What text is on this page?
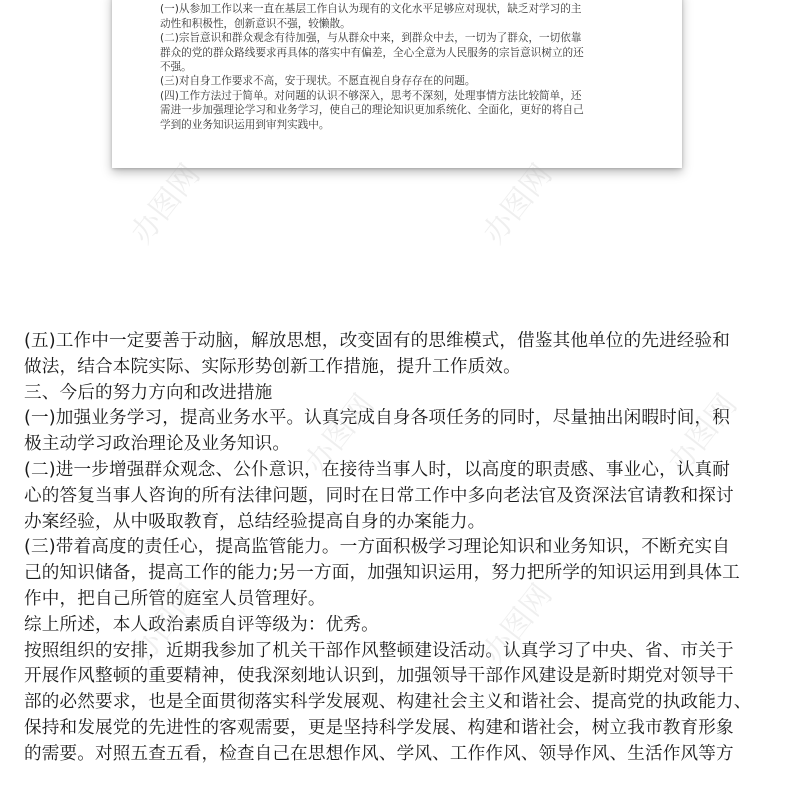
(一)从参加工作以来一直在基层工作自认为现有的文化水平足够应对现状，缺乏对学习的主
动性和积极性，创新意识不强，较懒散。
(二)宗旨意识和群众观念有待加强，与从群众中来，到群众中去，一切为了群众，一切依靠
群众的党的群众路线要求再具体的落实中有偏差，全心全意为人民服务的宗旨意识树立的还
不强。
(三)对自身工作要求不高，安于现状。不愿直视自身存存在的问题。
(四)工作方法过于简单。对问题的认识不够深入，思考不深刻，处理事情方法比较简单，还
需进一步加强理论学习和业务学习，使自己的理论知识更加系统化、全面化，更好的将自己
学到的业务知识运用到审判实践中。
(五)工作中一定要善于动脑，解放思想，改变固有的思维模式，借鉴其他单位的先进经验和
做法，结合本院实际、实际形势创新工作措施，提升工作质效。
三、今后的努力方向和改进措施
(一)加强业务学习，提高业务水平。认真完成自身各项任务的同时，尽量抽出闲暇时间，积
极主动学习政治理论及业务知识。
(二)进一步增强群众观念、公仆意识，在接待当事人时，以高度的职责感、事业心，认真耐
心的答复当事人咨询的所有法律问题，同时在日常工作中多向老法官及资深法官请教和探讨
办案经验，从中吸取教育，总结经验提高自身的办案能力。
(三)带着高度的责任心，提高监管能力。一方面积极学习理论知识和业务知识，不断充实自
己的知识储备，提高工作的能力;另一方面，加强知识运用，努力把所学的知识运用到具体工
作中，把自己所管的庭室人员管理好。
综上所述，本人政治素质自评等级为：优秀。
按照组织的安排，近期我参加了机关干部作风整顿建设活动。认真学习了中央、省、市关于
开展作风整顿的重要精神，使我深刻地认识到，加强领导干部作风建设是新时期党对领导干
部的必然要求，也是全面贯彻落实科学发展观、构建社会主义和谐社会、提高党的执政能力、
保持和发展党的先进性的客观需要，更是坚持科学发展、构建和谐社会，树立我市教育形象
的需要。对照五查五看，检查自己在思想作风、学风、工作作风、领导作风、生活作风等方
办图网	办图网
办图网	办图网
办图网	办图网
